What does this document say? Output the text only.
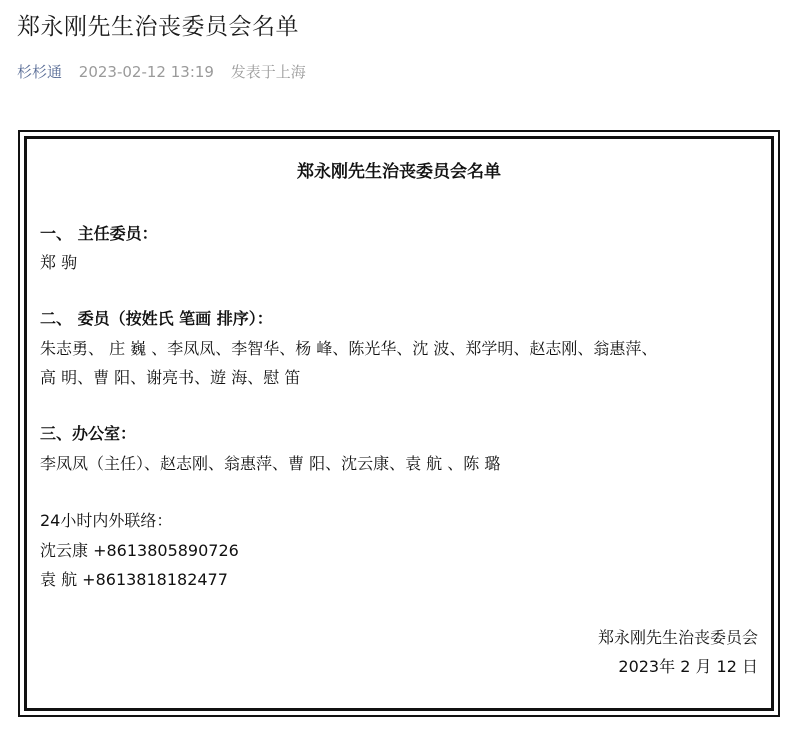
郑永刚先生治丧委员会名单
杉杉通 2023-02-12 13:19 发表于上海
郑永刚先生治丧委员会名单
一、 主任委员：
郑 驹
二、 委员（按姓氏 笔画 排序）：
朱志勇、 庄 巍 、李凤凤、李智华、杨 峰、陈光华、沈 波、郑学明、赵志刚、翁惠萍、
高 明、曹 阳、谢亮书、遊 海、慰 笛
三、办公室：
李凤凤（主任）、赵志刚、翁惠萍、曹 阳、沈云康、袁 航 、陈 璐
24小时内外联络：
沈云康 +8613805890726
袁 航 +8613818182477
郑永刚先生治丧委员会
2023年 2 月 12 日
